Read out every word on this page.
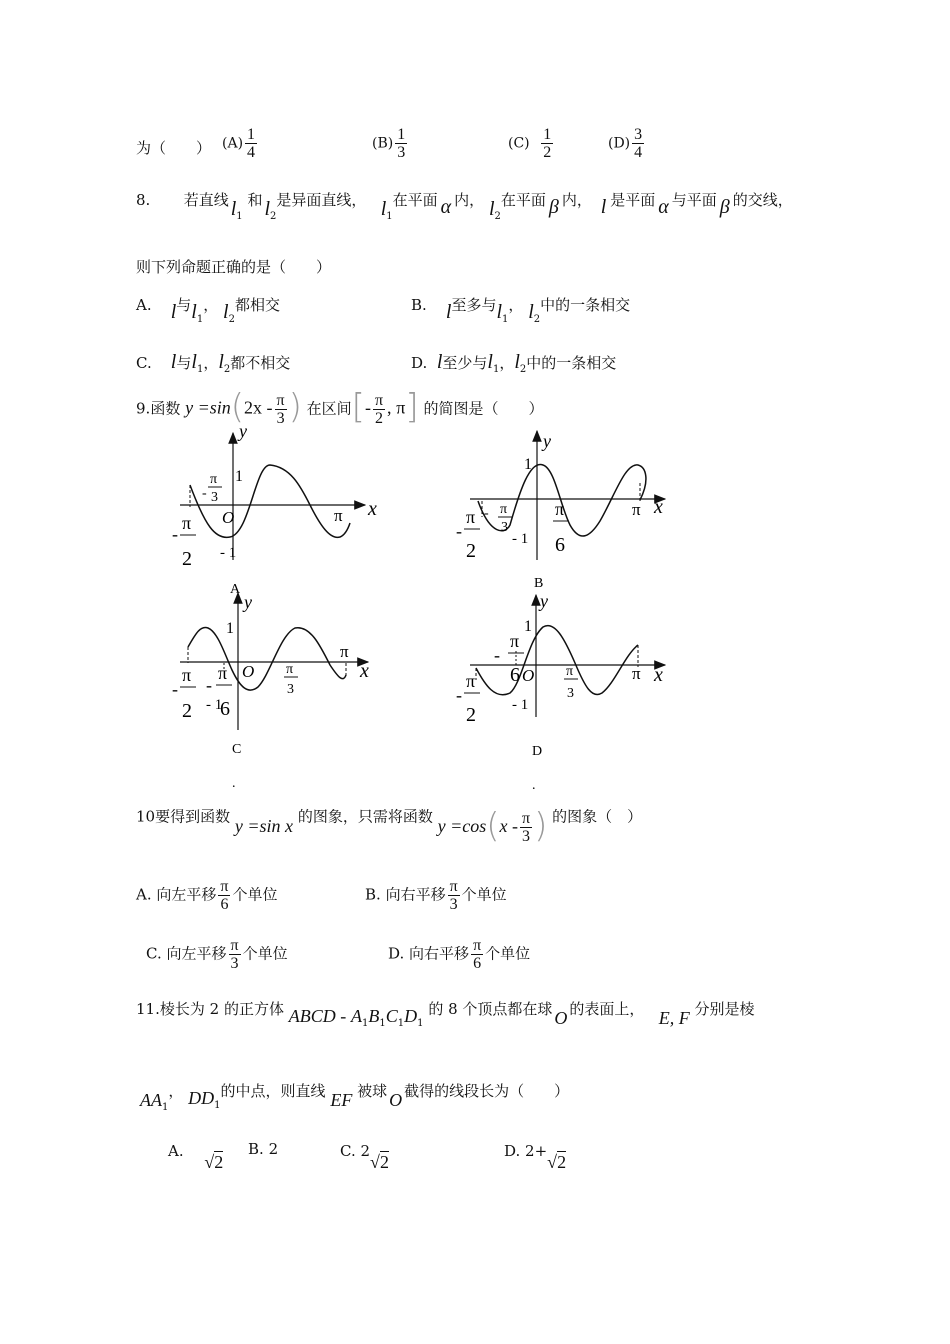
为（　　） $(A) \frac{1}{4}$	$(B) \frac{1}{3}$	$(C) \frac{1}{2}$	$(D) \frac{3}{4}$
8. 若直线 $l_1$ 和 $l_2$是异面直线， $l_1$在平面 α 内， $l_2$在平面 β 内， l 是平面 α 与平面 β 的交线，
则下列命题正确的是（　　）
A. l与$l_1$， $l_2$都相交	B. l至多与$l_1$， $l_2$中的一条相交
C. l与$l_1$，$l_2$都不相交	D. l至少与$l_1$，$l_2$中的一条相交
9.函数 $y =\sin(2x - \frac{\pi}{3}$ ) 在区间[- $\frac{\pi}{2}$ , π] 的简图是（　　）
y
x
O
1
- 1
π
-
π
3
-
π
2
A
y
x
1
- 1
π
- π
3
π
6
-
π
2
B
y
x
O
1
- 1
π
π
3
-
π
6
-
π
2
C
.
y
x
O
1
- 1
π
π
3
-
π
6
-
π
2
D
.
10要得到函数 y =sin x 的图象，只需将函数 $y =\cos(x - \frac{\pi}{3}$ ) 的图象（　）
A. 向左平移 $\frac{\pi}{6}$ 个单位	B. 向右平移 $\frac{\pi}{3}$ 个单位
C. 向左平移 $\frac{\pi}{3}$ 个单位	D. 向右平移 $\frac{\pi}{6}$ 个单位
11.棱长为 2 的正方体 ABCD - $A_1B_1C_1D_1$ 的 8 个顶点都在球 O 的表面上， E, F 分别是棱
$AA_1$， $DD_1$的中点，则直线 EF 被球 O 截得的线段长为（　　）
A. √2
B. 2	C. 2√2
D. 2+√2
